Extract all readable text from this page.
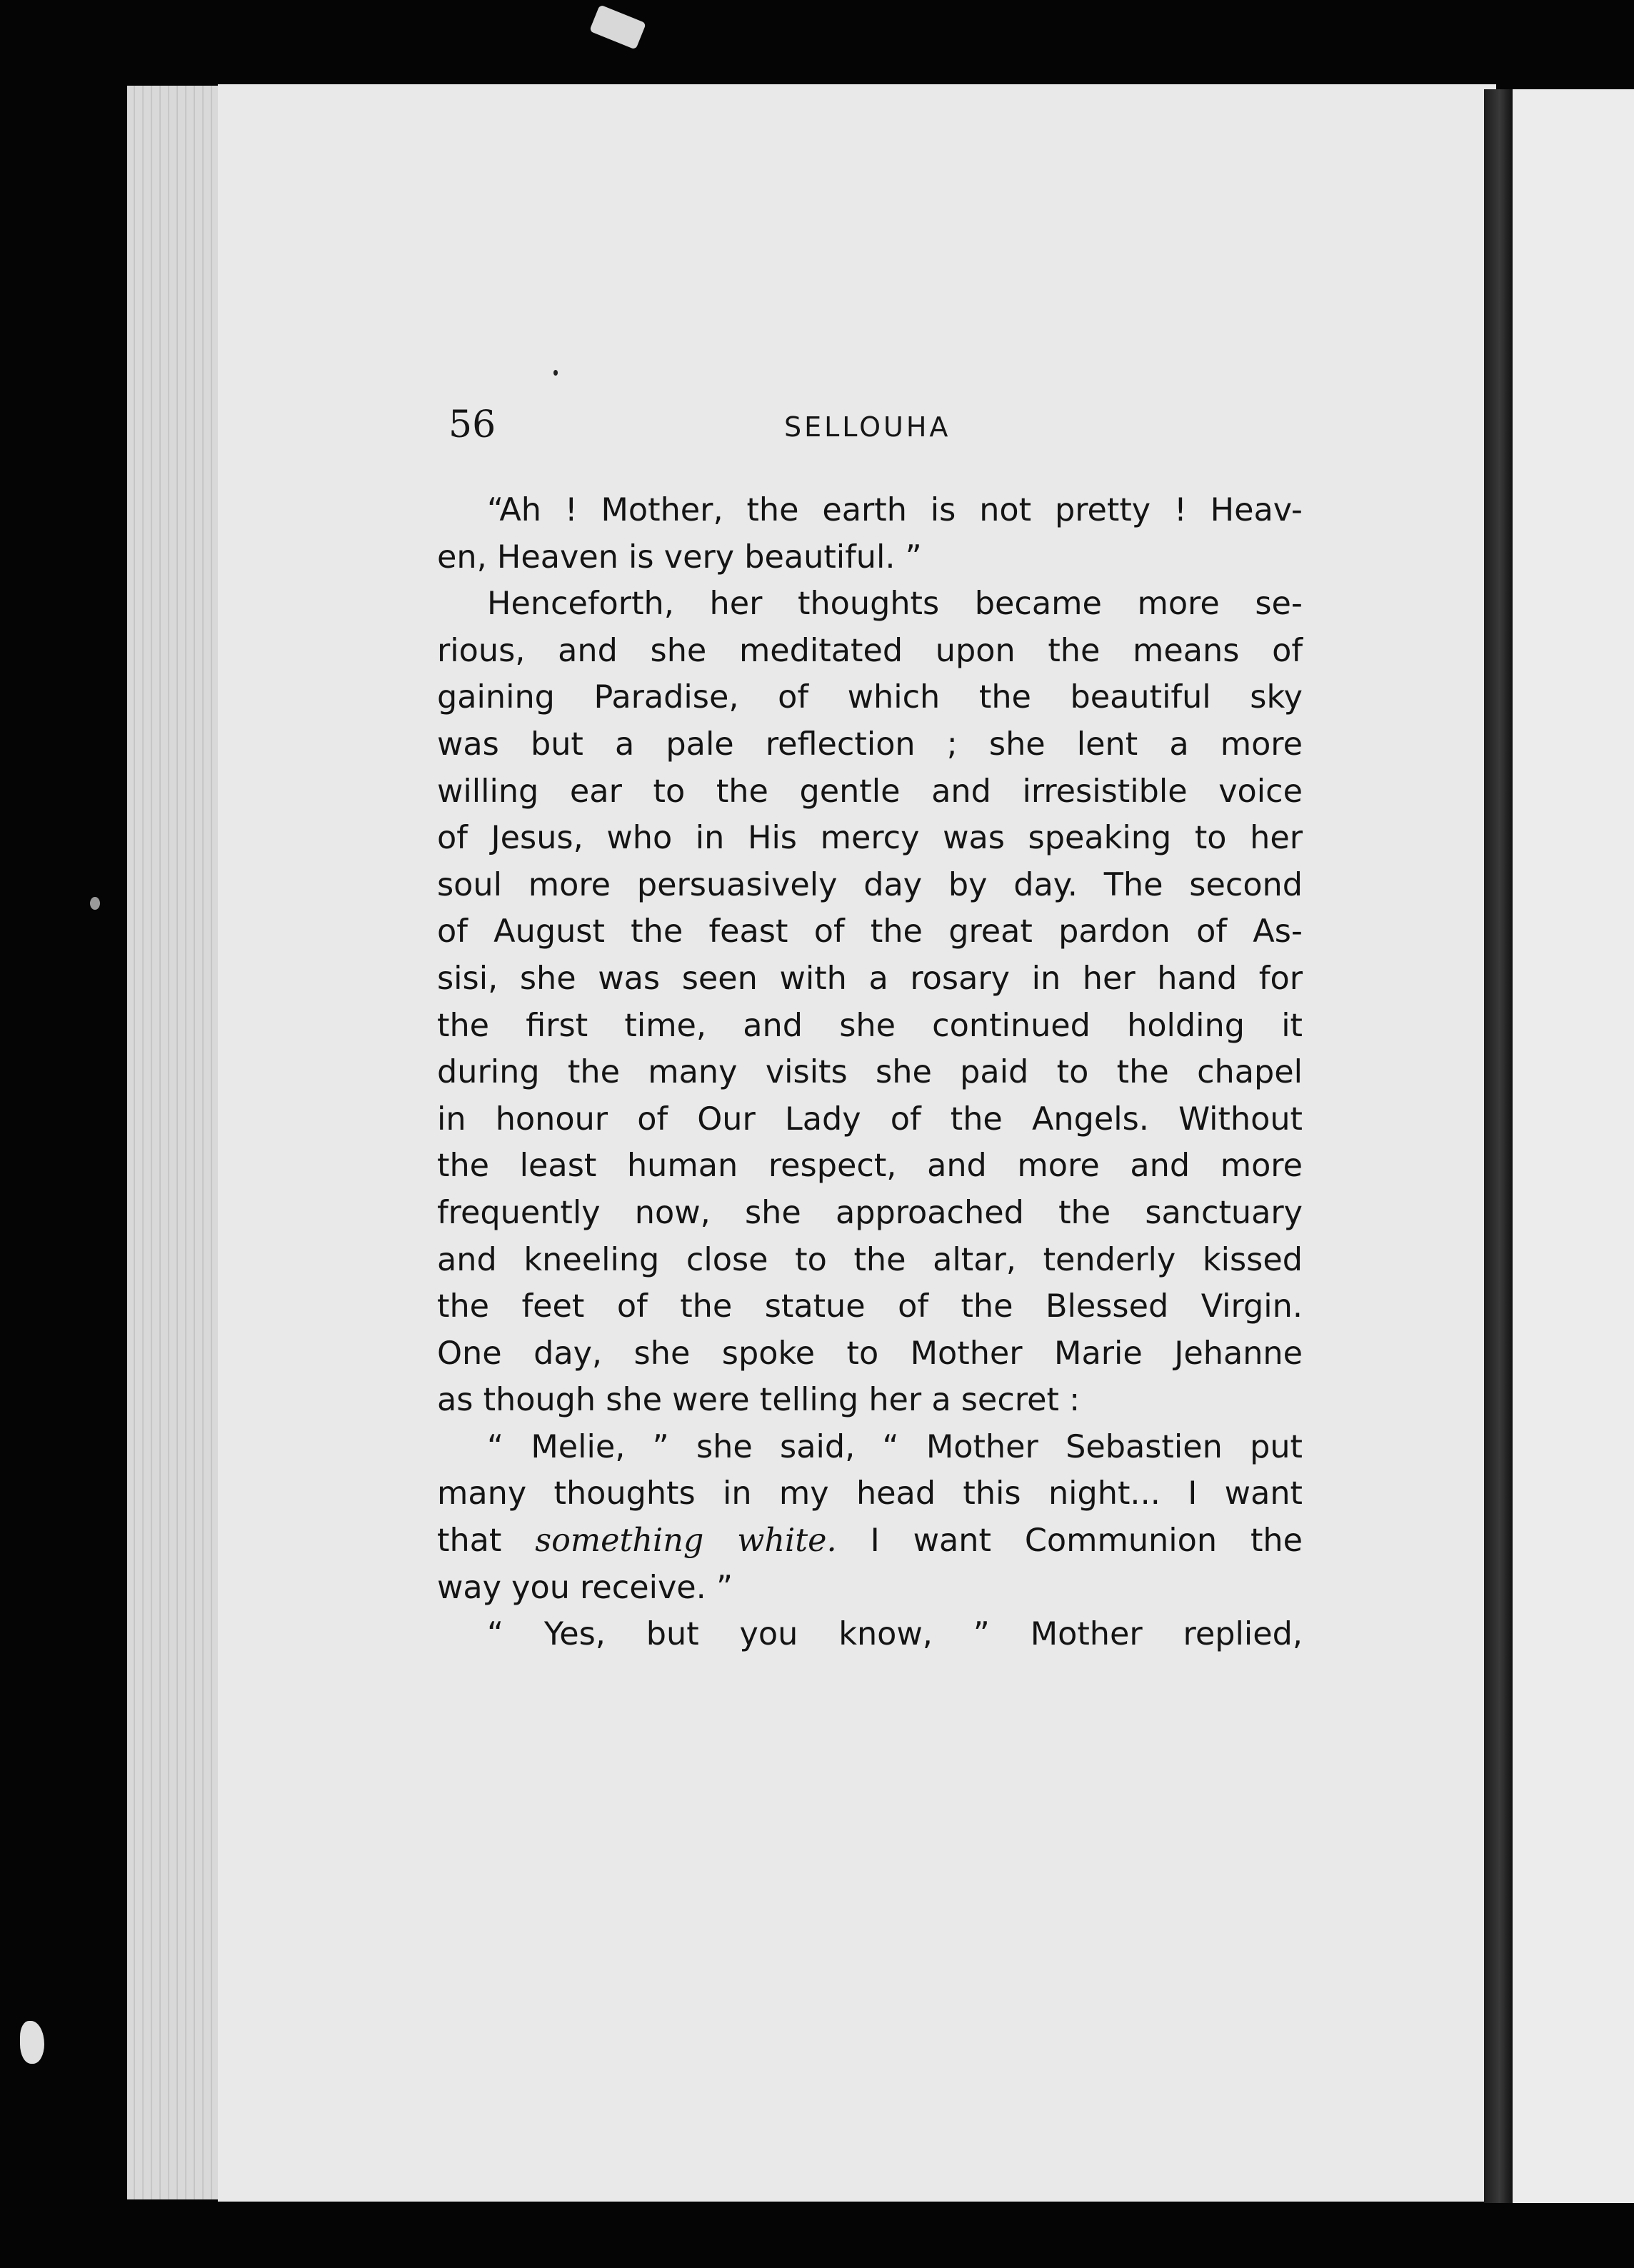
56	SELLOUHA
“Ah ! Mother, the earth is not pretty ! Heav-
en, Heaven is very beautiful. ”
Henceforth, her thoughts became more se-
rious, and she meditated upon the means of
gaining Paradise, of which the beautiful sky
was but a pale reflection ; she lent a more
willing ear to the gentle and irresistible voice
of Jesus, who in His mercy was speaking to her
soul more persuasively day by day. The second
of August the feast of the great pardon of As-
sisi, she was seen with a rosary in her hand for
the first time, and she continued holding it
during the many visits she paid to the chapel
in honour of Our Lady of the Angels. Without
the least human respect, and more and more
frequently now, she approached the sanctuary
and kneeling close to the altar, tenderly kissed
the feet of the statue of the Blessed Virgin.
One day, she spoke to Mother Marie Jehanne
as though she were telling her a secret :
“ Melie, ” she said, “ Mother Sebastien put
many thoughts in my head this night... I want
that something white. I want Communion the
way you receive. ”
“ Yes, but you know, ” Mother replied,
